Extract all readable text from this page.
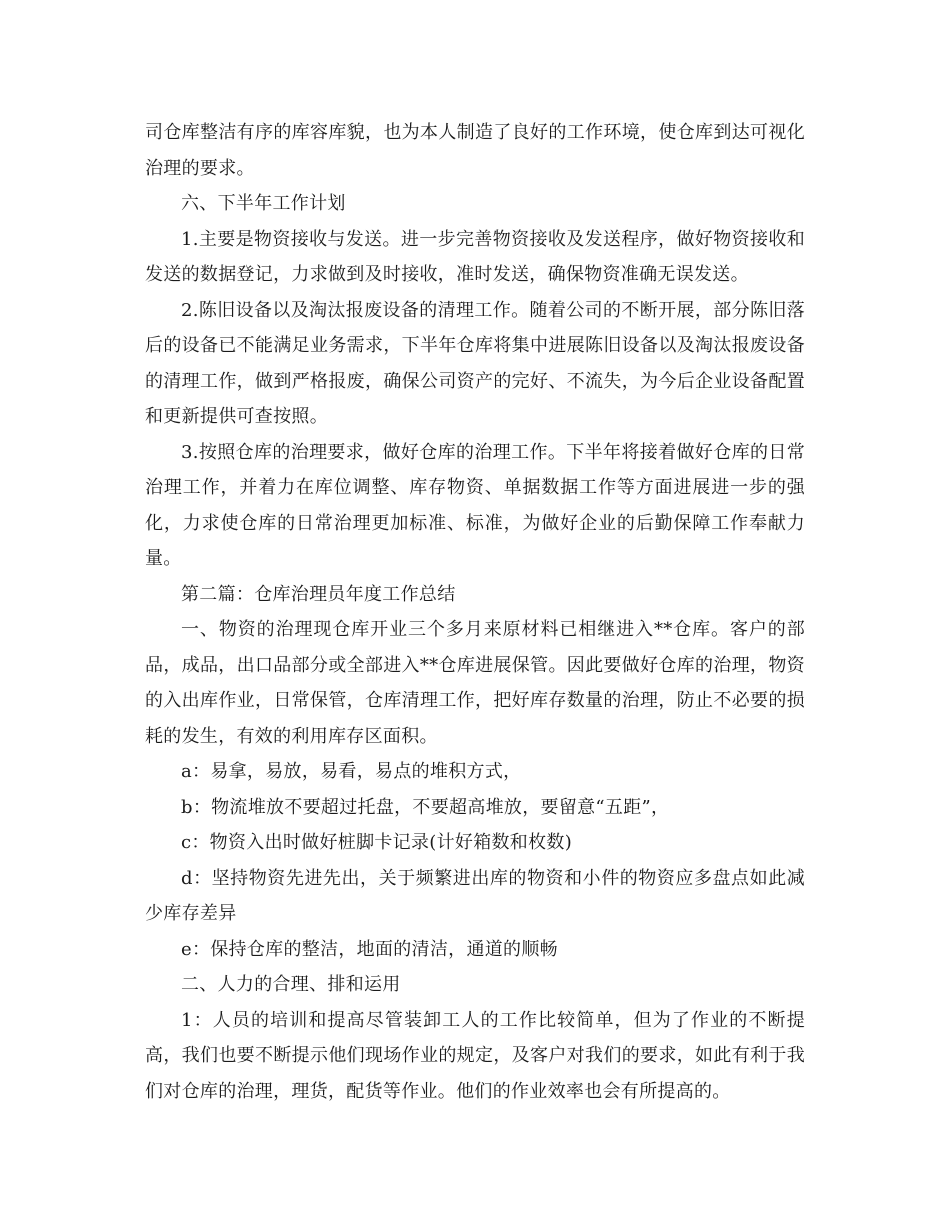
司仓库整洁有序的库容库貌，也为本人制造了良好的工作环境，使仓库到达可视化治理的要求。

六、下半年工作计划

1.主要是物资接收与发送。进一步完善物资接收及发送程序，做好物资接收和发送的数据登记，力求做到及时接收，准时发送，确保物资准确无误发送。

2.陈旧设备以及淘汰报废设备的清理工作。随着公司的不断开展，部分陈旧落后的设备已不能满足业务需求，下半年仓库将集中进展陈旧设备以及淘汰报废设备的清理工作，做到严格报废，确保公司资产的完好、不流失，为今后企业设备配置和更新提供可查按照。

3.按照仓库的治理要求，做好仓库的治理工作。下半年将接着做好仓库的日常治理工作，并着力在库位调整、库存物资、单据数据工作等方面进展进一步的强化，力求使仓库的日常治理更加标准、标准，为做好企业的后勤保障工作奉献力量。

第二篇：仓库治理员年度工作总结

一、物资的治理现仓库开业三个多月来原材料已相继进入**仓库。客户的部品，成品，出口品部分或全部进入**仓库进展保管。因此要做好仓库的治理，物资的入出库作业，日常保管，仓库清理工作，把好库存数量的治理，防止不必要的损耗的发生，有效的利用库存区面积。

a：易拿，易放，易看，易点的堆积方式，

b：物流堆放不要超过托盘，不要超高堆放，要留意“五距”，

c：物资入出时做好桩脚卡记录(计好箱数和枚数)

d：坚持物资先进先出，关于频繁进出库的物资和小件的物资应多盘点如此减少库存差异

e：保持仓库的整洁，地面的清洁，通道的顺畅

二、人力的合理、排和运用

1：人员的培训和提高尽管装卸工人的工作比较简单，但为了作业的不断提高，我们也要不断提示他们现场作业的规定，及客户对我们的要求，如此有利于我们对仓库的治理，理货，配货等作业。他们的作业效率也会有所提高的。
